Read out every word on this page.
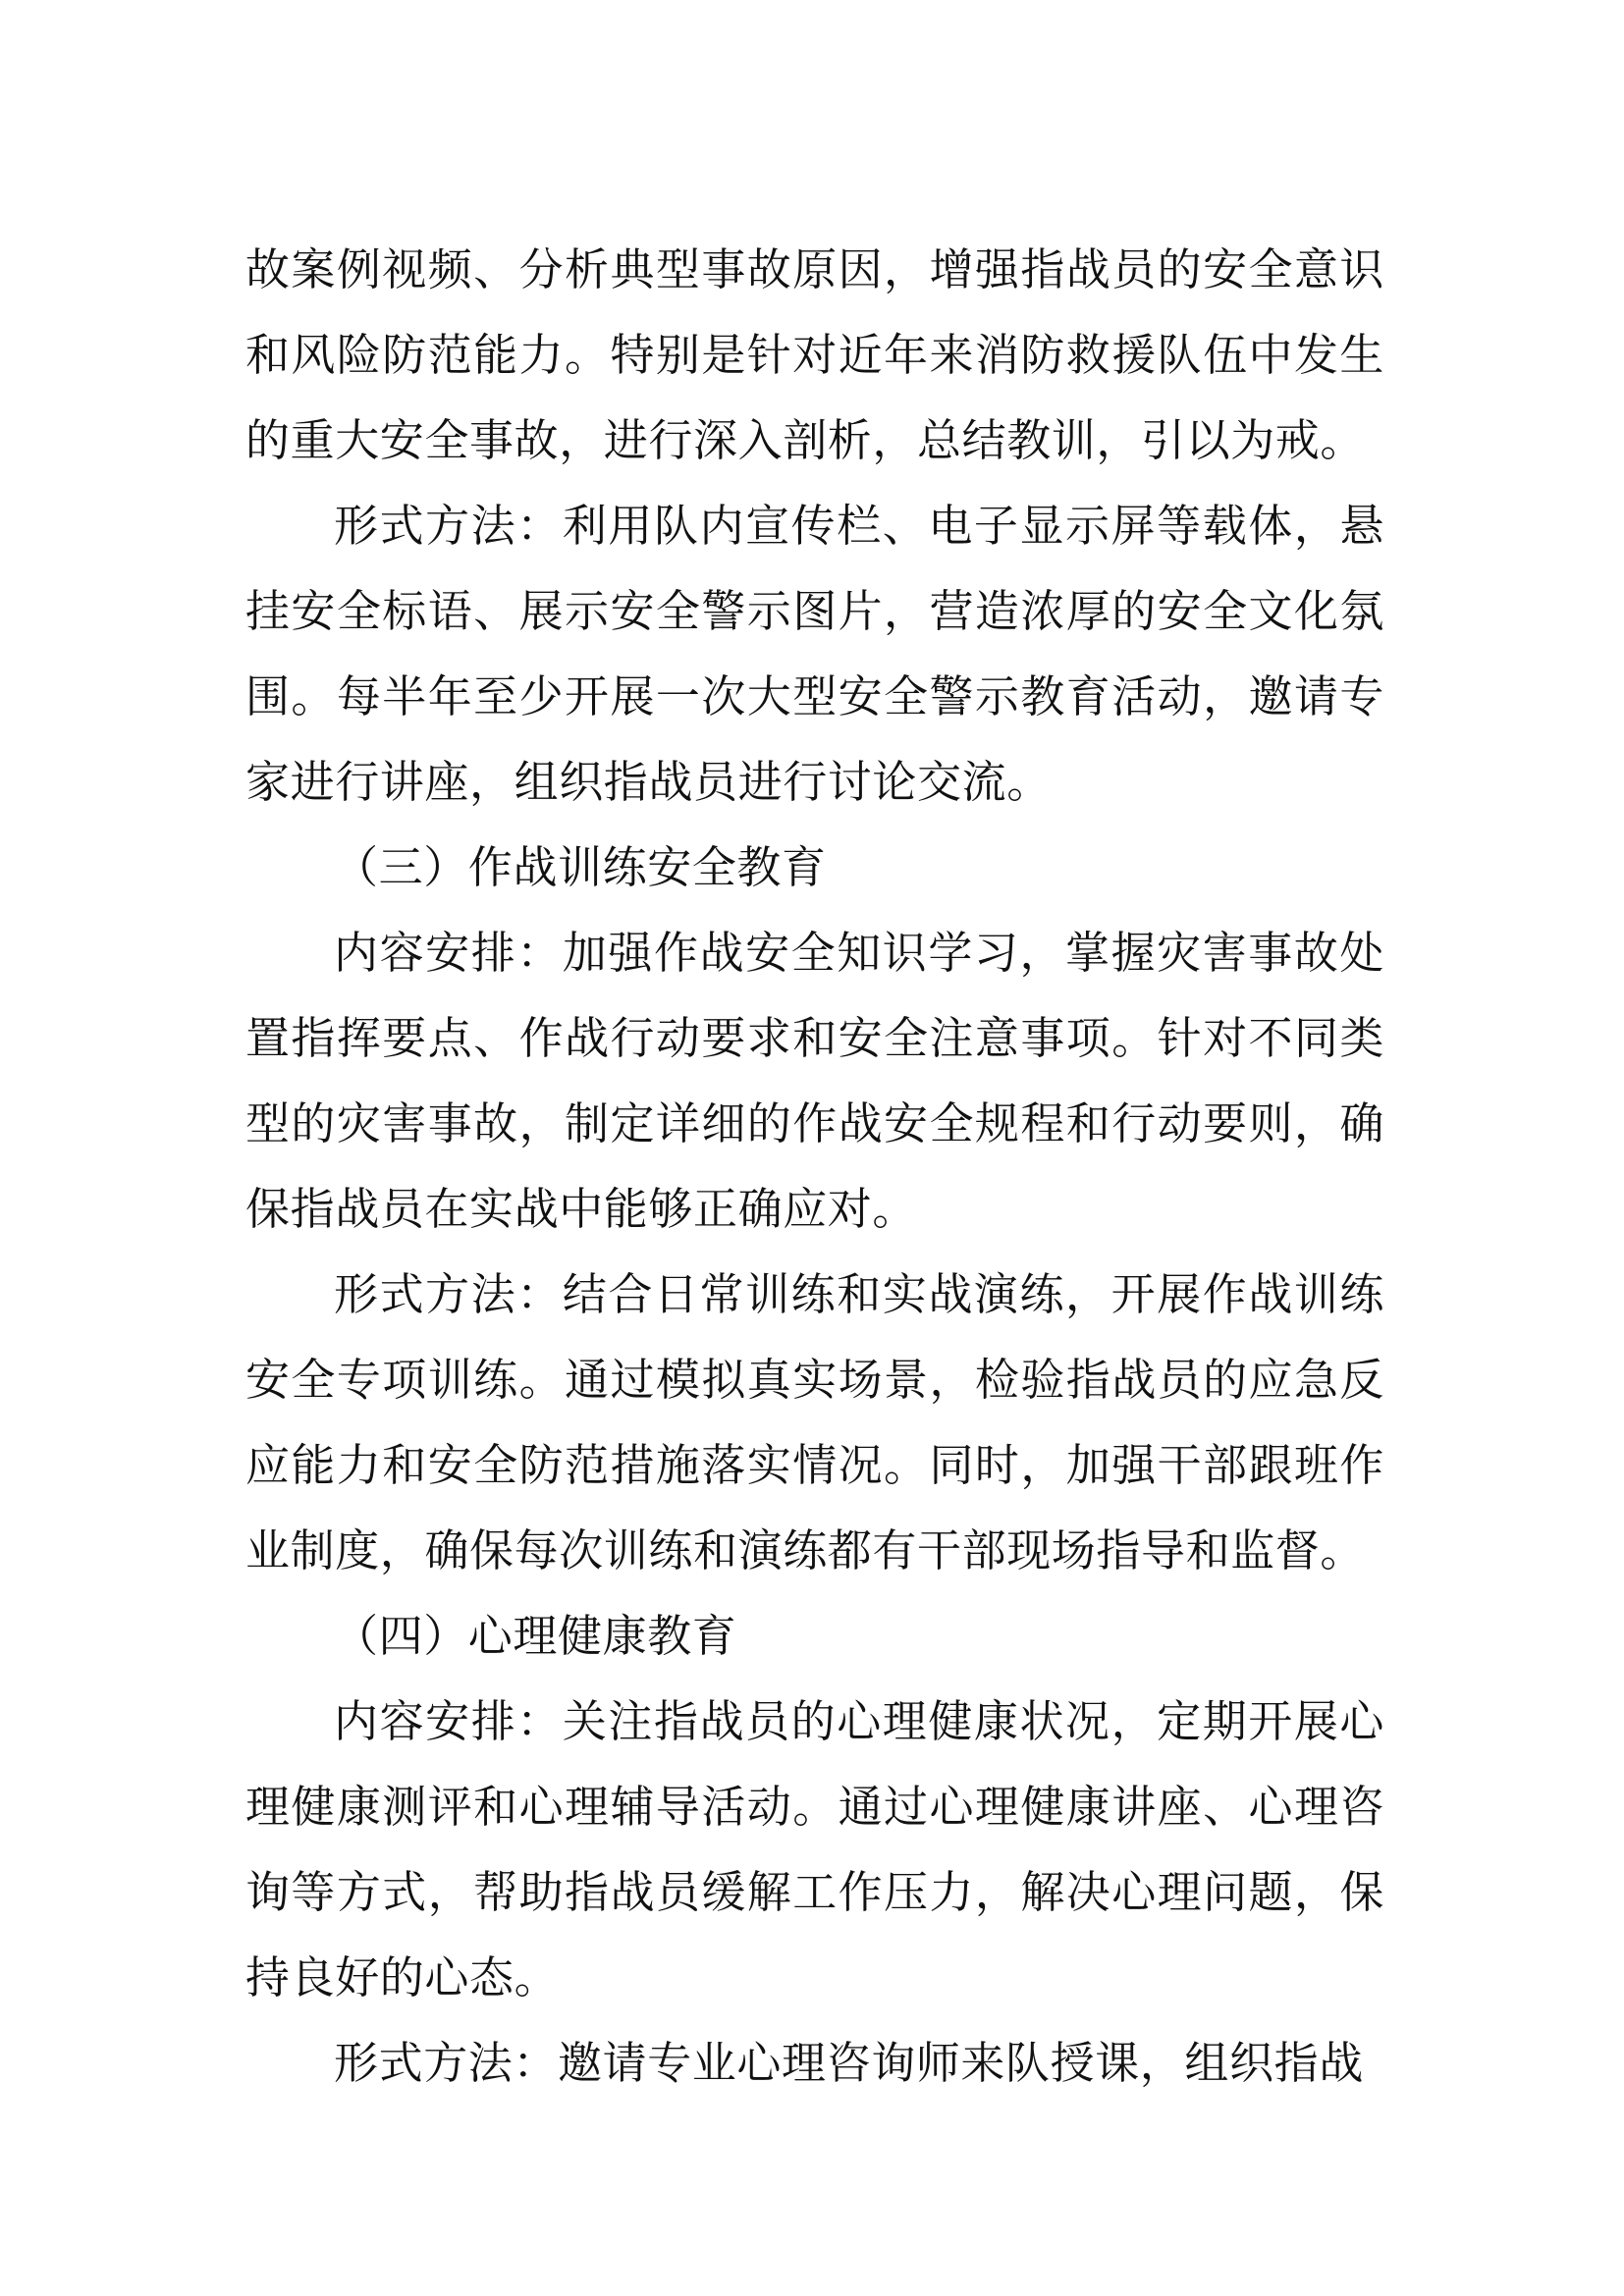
故案例视频、分析典型事故原因，增强指战员的安全意识和风险防范能力。特别是针对近年来消防救援队伍中发生的重大安全事故，进行深入剖析，总结教训，引以为戒。

形式方法：利用队内宣传栏、电子显示屏等载体，悬挂安全标语、展示安全警示图片，营造浓厚的安全文化氛围。每半年至少开展一次大型安全警示教育活动，邀请专家进行讲座，组织指战员进行讨论交流。

（三）作战训练安全教育

内容安排：加强作战安全知识学习，掌握灾害事故处置指挥要点、作战行动要求和安全注意事项。针对不同类型的灾害事故，制定详细的作战安全规程和行动要则，确保指战员在实战中能够正确应对。

形式方法：结合日常训练和实战演练，开展作战训练安全专项训练。通过模拟真实场景，检验指战员的应急反应能力和安全防范措施落实情况。同时，加强干部跟班作业制度，确保每次训练和演练都有干部现场指导和监督。

（四）心理健康教育

内容安排：关注指战员的心理健康状况，定期开展心理健康测评和心理辅导活动。通过心理健康讲座、心理咨询等方式，帮助指战员缓解工作压力，解决心理问题，保持良好的心态。

形式方法：邀请专业心理咨询师来队授课，组织指战
